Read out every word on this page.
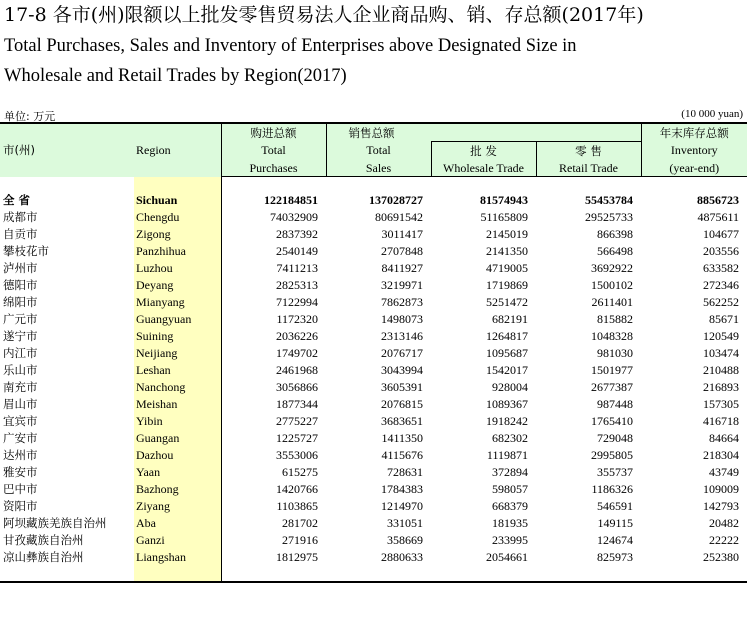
17-8 各市(州)限额以上批发零售贸易法人企业商品购、销、存总额(2017年)
Total Purchases, Sales and Inventory of Enterprises above Designated Size in
Wholesale and Retail Trades by Region(2017)
单位: 万元	(10 000 yuan)
市(州)	Region	购进总额	销售总额			年末库存总额
		Total	Total	批 发	零 售	Inventory
		Purchases	Sales	Wholesale Trade	Retail Trade	(year-end)

全 省	Sichuan	122184851	137028727	81574943	55453784	8856723
成都市	Chengdu	74032909	80691542	51165809	29525733	4875611
自贡市	Zigong	2837392	3011417	2145019	866398	104677
攀枝花市	Panzhihua	2540149	2707848	2141350	566498	203556
泸州市	Luzhou	7411213	8411927	4719005	3692922	633582
德阳市	Deyang	2825313	3219971	1719869	1500102	272346
绵阳市	Mianyang	7122994	7862873	5251472	2611401	562252
广元市	Guangyuan	1172320	1498073	682191	815882	85671
遂宁市	Suining	2036226	2313146	1264817	1048328	120549
内江市	Neijiang	1749702	2076717	1095687	981030	103474
乐山市	Leshan	2461968	3043994	1542017	1501977	210488
南充市	Nanchong	3056866	3605391	928004	2677387	216893
眉山市	Meishan	1877344	2076815	1089367	987448	157305
宜宾市	Yibin	2775227	3683651	1918242	1765410	416718
广安市	Guangan	1225727	1411350	682302	729048	84664
达州市	Dazhou	3553006	4115676	1119871	2995805	218304
雅安市	Yaan	615275	728631	372894	355737	43749
巴中市	Bazhong	1420766	1784383	598057	1186326	109009
资阳市	Ziyang	1103865	1214970	668379	546591	142793
阿坝藏族羌族自治州	Aba	281702	331051	181935	149115	20482
甘孜藏族自治州	Ganzi	271916	358669	233995	124674	22222
凉山彝族自治州	Liangshan	1812975	2880633	2054661	825973	252380
